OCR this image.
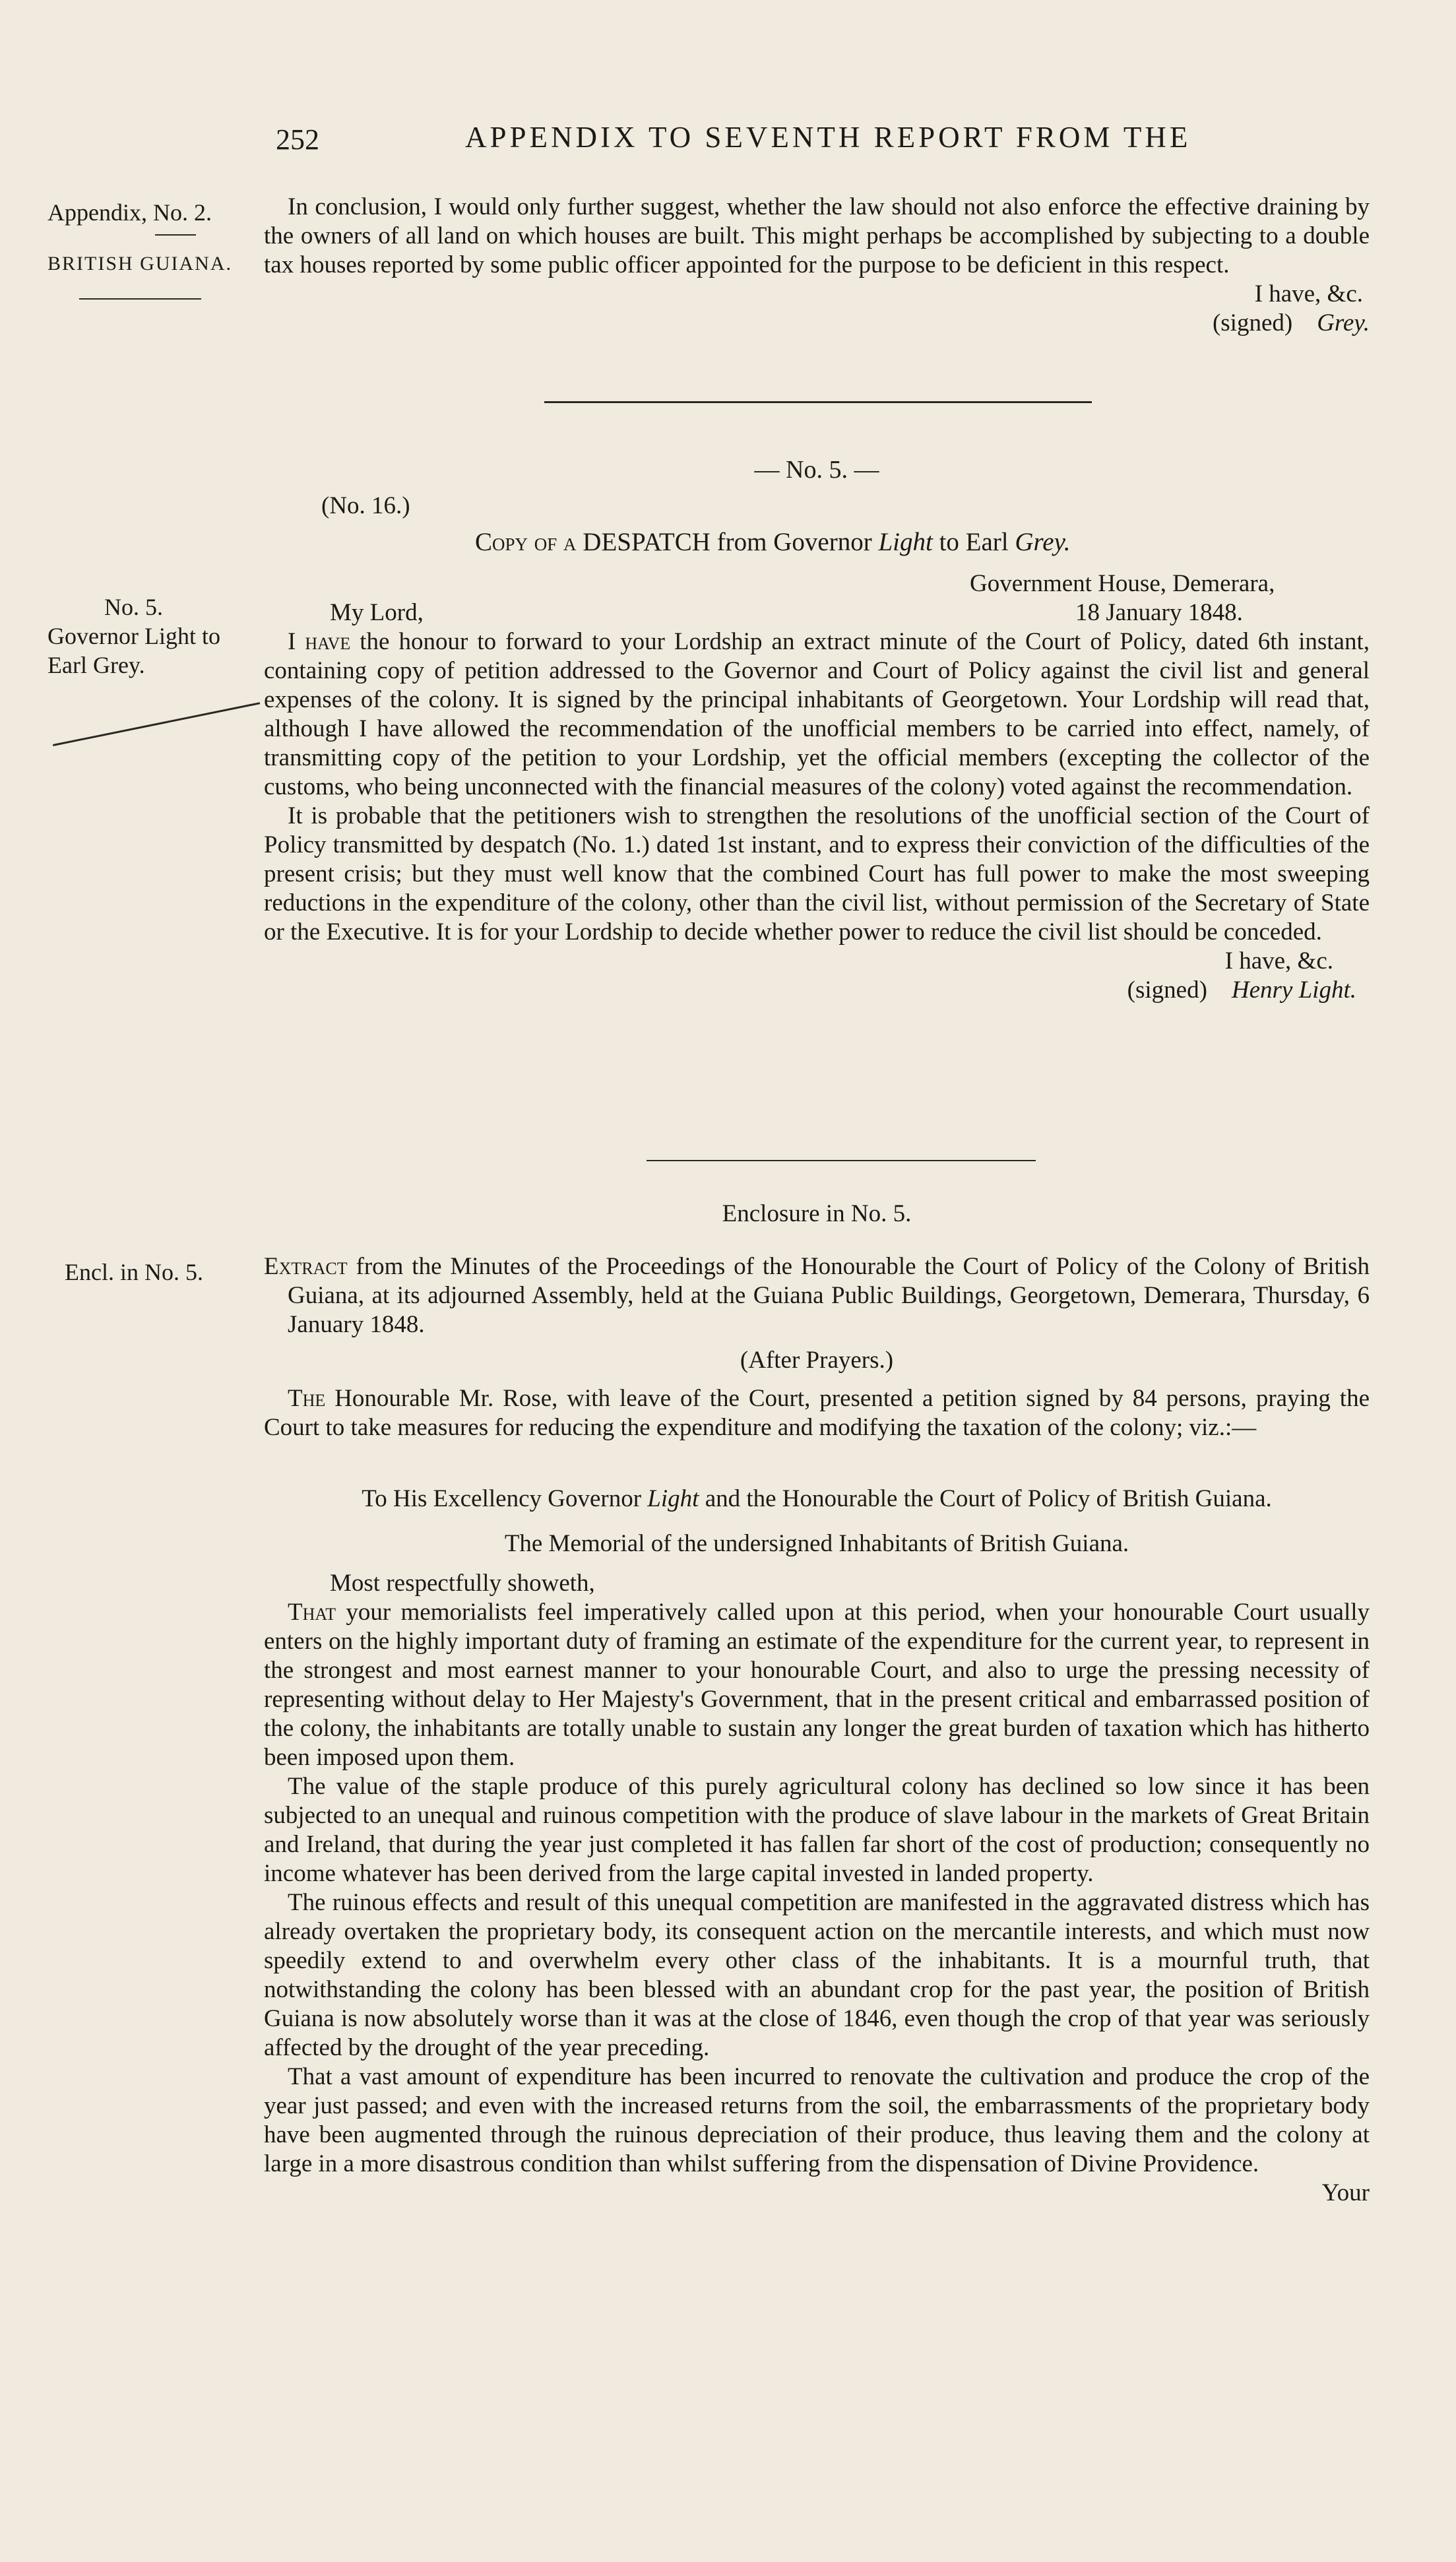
252	APPENDIX TO SEVENTH REPORT FROM THE
Appendix, No. 2.
BRITISH GUIANA.
No. 5.
Governor Light to
Earl Grey.
Encl. in No. 5.

In conclusion, I would only further suggest, whether the law should not also enforce the effective draining by the owners of all land on which houses are built. This might perhaps be accomplished by subjecting to a double tax houses reported by some public officer appointed for the purpose to be deficient in this respect.

I have, &c.

(signed) Grey.

— No. 5. —
(No. 16.)
Copy of a DESPATCH from Governor Light to Earl Grey.
Government House, Demerara,
My Lord,	18 January 1848.

I have the honour to forward to your Lordship an extract minute of the Court of Policy, dated 6th instant, containing copy of petition addressed to the Governor and Court of Policy against the civil list and general expenses of the colony. It is signed by the principal inhabitants of Georgetown. Your Lordship will read that, although I have allowed the recommendation of the unofficial members to be carried into effect, namely, of transmitting copy of the petition to your Lordship, yet the official members (excepting the collector of the customs, who being unconnected with the financial measures of the colony) voted against the recommendation.

It is probable that the petitioners wish to strengthen the resolutions of the unofficial section of the Court of Policy transmitted by despatch (No. 1.) dated 1st instant, and to express their conviction of the difficulties of the present crisis; but they must well know that the combined Court has full power to make the most sweeping reductions in the expenditure of the colony, other than the civil list, without permission of the Secretary of State or the Executive. It is for your Lordship to decide whether power to reduce the civil list should be conceded.

I have, &c.

(signed) Henry Light.

Enclosure in No. 5.

Extract from the Minutes of the Proceedings of the Honourable the Court of Policy of the Colony of British Guiana, at its adjourned Assembly, held at the Guiana Public Buildings, Georgetown, Demerara, Thursday, 6 January 1848.

(After Prayers.)

The Honourable Mr. Rose, with leave of the Court, presented a petition signed by 84 persons, praying the Court to take measures for reducing the expenditure and modifying the taxation of the colony; viz.:—

To His Excellency Governor Light and the Honourable the Court of Policy of British Guiana.

The Memorial of the undersigned Inhabitants of British Guiana.

Most respectfully showeth,

That your memorialists feel imperatively called upon at this period, when your honourable Court usually enters on the highly important duty of framing an estimate of the expenditure for the current year, to represent in the strongest and most earnest manner to your honourable Court, and also to urge the pressing necessity of representing without delay to Her Majesty's Government, that in the present critical and embarrassed position of the colony, the inhabitants are totally unable to sustain any longer the great burden of taxation which has hitherto been imposed upon them.

The value of the staple produce of this purely agricultural colony has declined so low since it has been subjected to an unequal and ruinous competition with the produce of slave labour in the markets of Great Britain and Ireland, that during the year just completed it has fallen far short of the cost of production; consequently no income whatever has been derived from the large capital invested in landed property.

The ruinous effects and result of this unequal competition are manifested in the aggravated distress which has already overtaken the proprietary body, its consequent action on the mercantile interests, and which must now speedily extend to and overwhelm every other class of the inhabitants. It is a mournful truth, that notwithstanding the colony has been blessed with an abundant crop for the past year, the position of British Guiana is now absolutely worse than it was at the close of 1846, even though the crop of that year was seriously affected by the drought of the year preceding.

That a vast amount of expenditure has been incurred to renovate the cultivation and produce the crop of the year just passed; and even with the increased returns from the soil, the embarrassments of the proprietary body have been augmented through the ruinous depreciation of their produce, thus leaving them and the colony at large in a more disastrous condition than whilst suffering from the dispensation of Divine Providence.

Your
